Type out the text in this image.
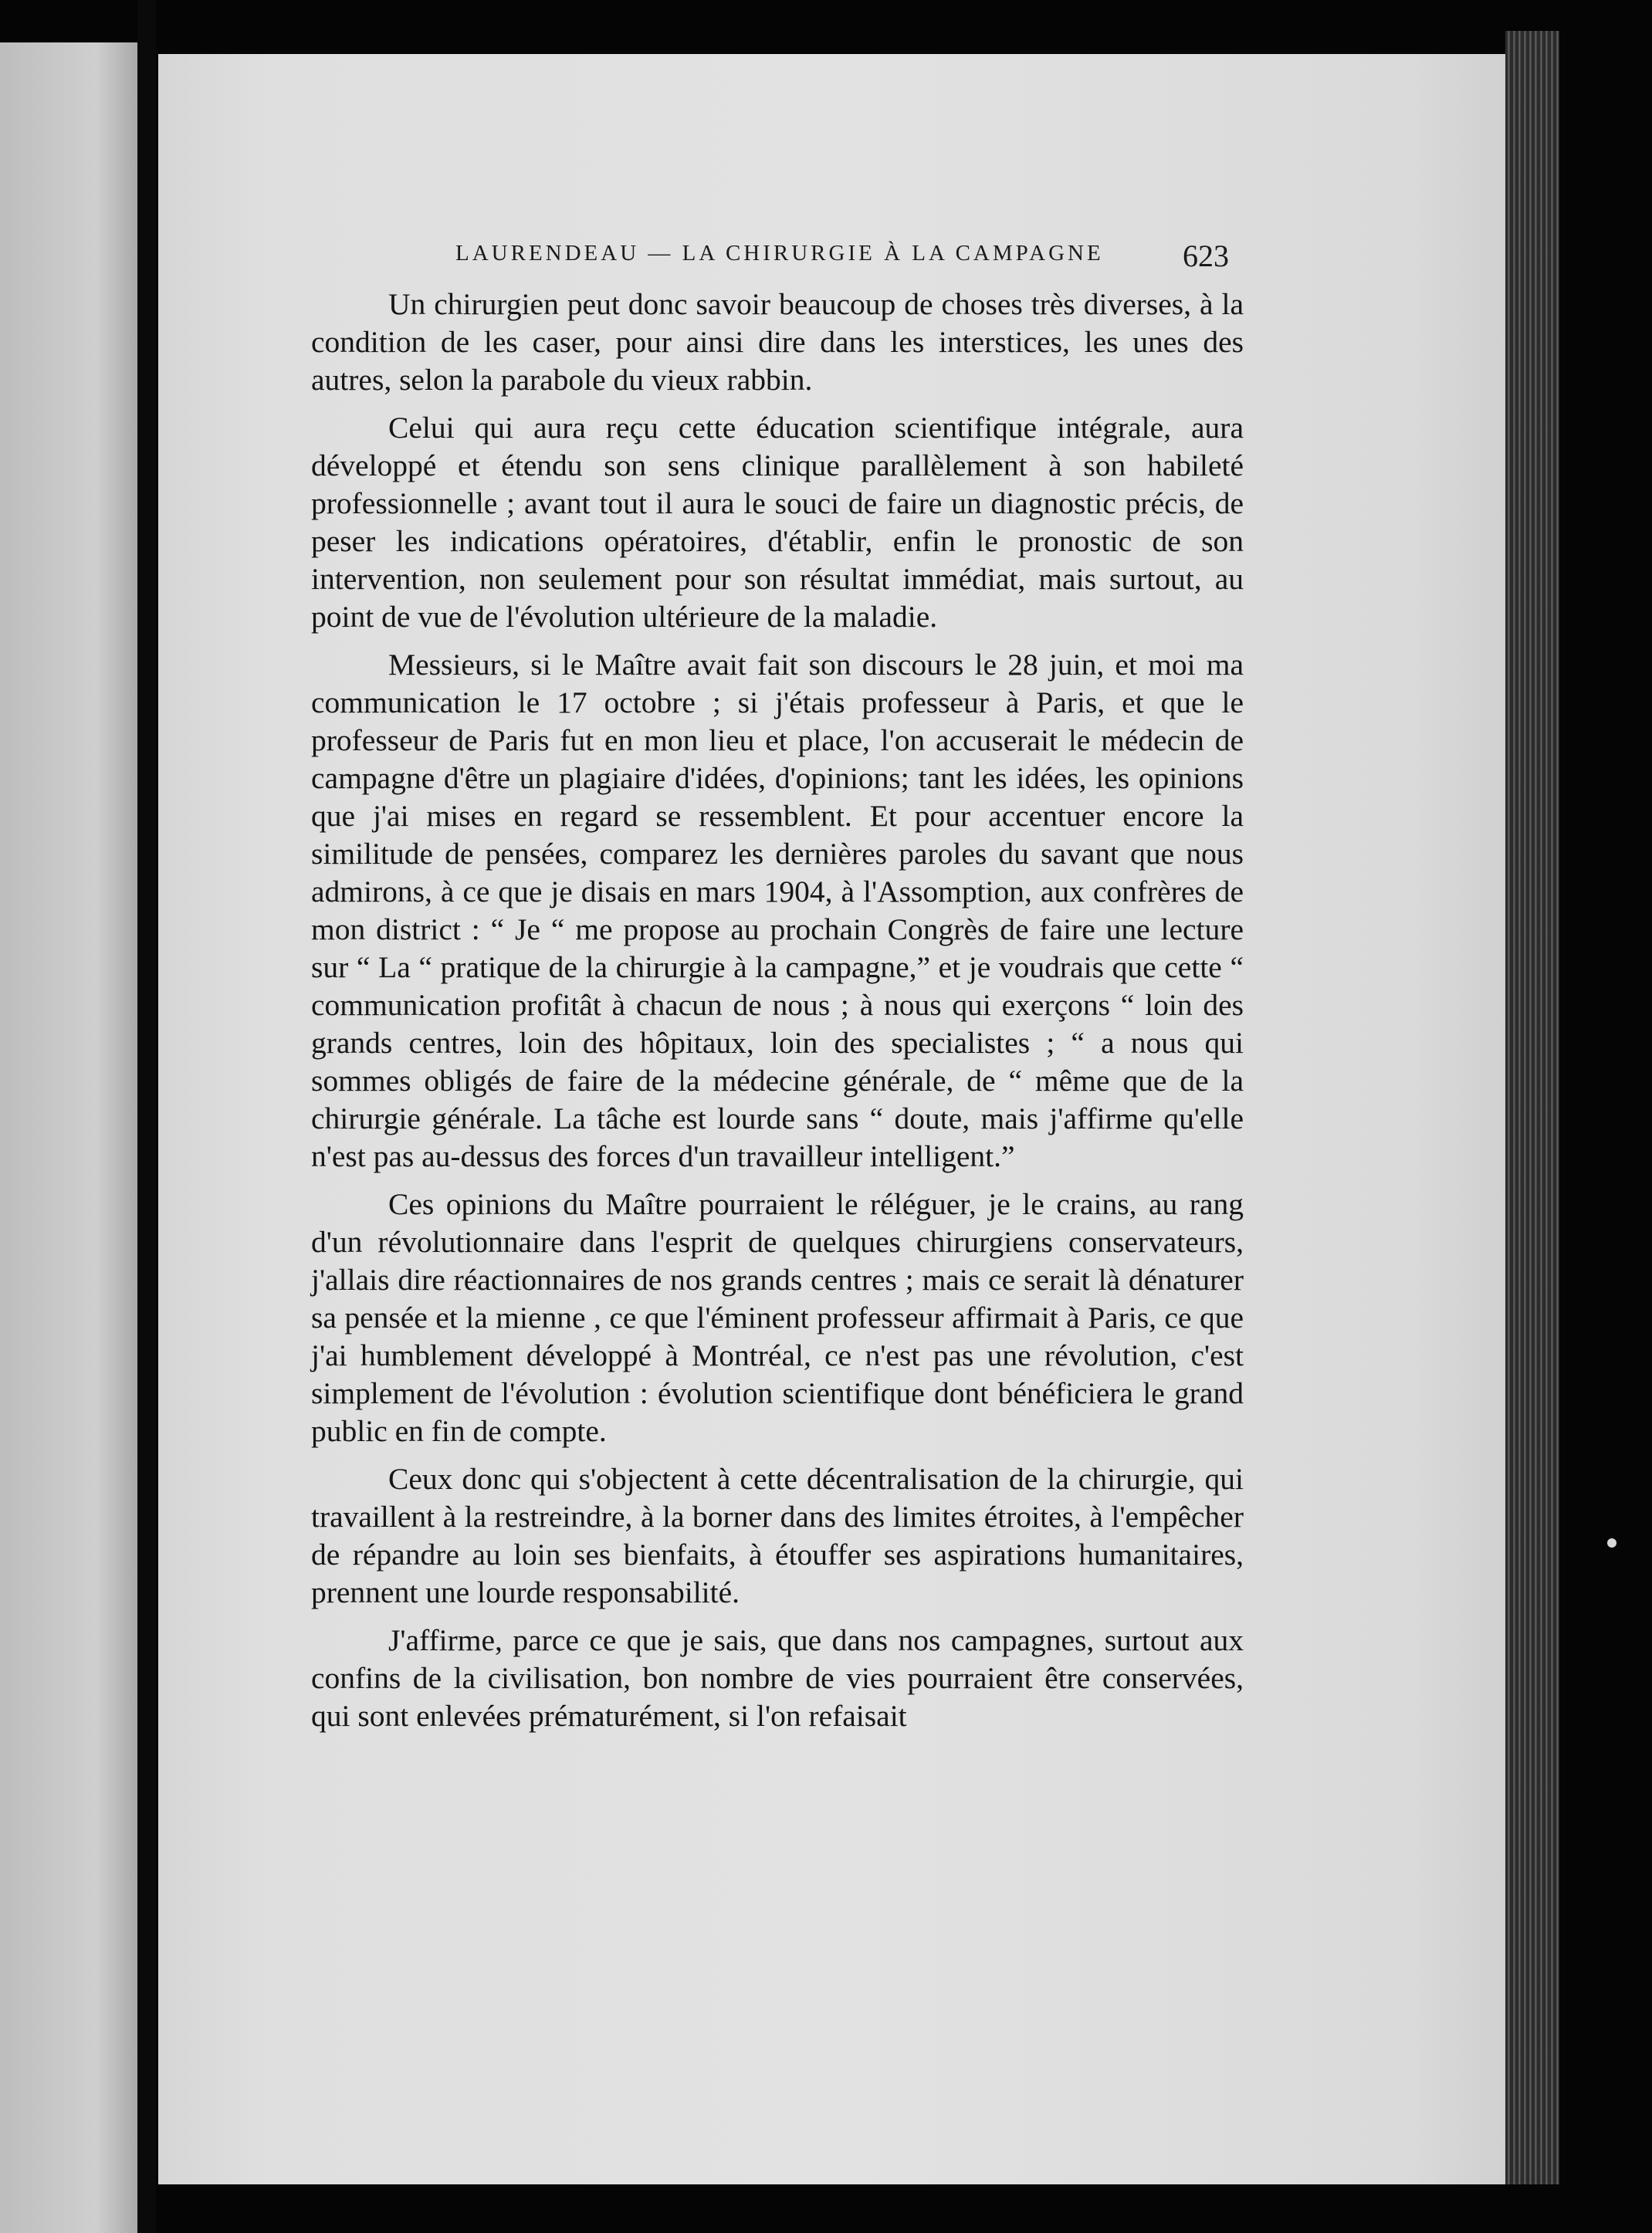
LAURENDEAU — LA CHIRURGIE À LA CAMPAGNE	623

Un chirurgien peut donc savoir beaucoup de choses très diverses, à la condition de les caser, pour ainsi dire dans les interstices, les unes des autres, selon la parabole du vieux rabbin.

Celui qui aura reçu cette éducation scientifique intégrale, aura développé et étendu son sens clinique parallèlement à son habileté professionnelle ; avant tout il aura le souci de faire un diagnostic précis, de peser les indications opératoires, d'établir, enfin le pronostic de son intervention, non seulement pour son résultat immédiat, mais surtout, au point de vue de l'évolution ultérieure de la maladie.

Messieurs, si le Maître avait fait son discours le 28 juin, et moi ma communication le 17 octobre ; si j'étais professeur à Paris, et que le professeur de Paris fut en mon lieu et place, l'on accuserait le médecin de campagne d'être un plagiaire d'idées, d'opinions; tant les idées, les opinions que j'ai mises en regard se ressemblent. Et pour accentuer encore la similitude de pensées, comparez les dernières paroles du savant que nous admirons, à ce que je disais en mars 1904, à l'Assomption, aux confrères de mon district : “ Je “ me propose au prochain Congrès de faire une lecture sur “ La “ pratique de la chirurgie à la campagne,” et je voudrais que cette “ communication profitât à chacun de nous ; à nous qui exerçons “ loin des grands centres, loin des hôpitaux, loin des specialistes ; “ a nous qui sommes obligés de faire de la médecine générale, de “ même que de la chirurgie générale. La tâche est lourde sans “ doute, mais j'affirme qu'elle n'est pas au-dessus des forces d'un travailleur intelligent.”

Ces opinions du Maître pourraient le réléguer, je le crains, au rang d'un révolutionnaire dans l'esprit de quelques chirurgiens conservateurs, j'allais dire réactionnaires de nos grands centres ; mais ce serait là dénaturer sa pensée et la mienne , ce que l'éminent professeur affirmait à Paris, ce que j'ai humblement développé à Montréal, ce n'est pas une révolution, c'est simplement de l'évolution : évolution scientifique dont bénéficiera le grand public en fin de compte.

Ceux donc qui s'objectent à cette décentralisation de la chirurgie, qui travaillent à la restreindre, à la borner dans des limites étroites, à l'empêcher de répandre au loin ses bienfaits, à étouffer ses aspirations humanitaires, prennent une lourde responsabilité.

J'affirme, parce ce que je sais, que dans nos campagnes, surtout aux confins de la civilisation, bon nombre de vies pourraient être conservées, qui sont enlevées prématurément, si l'on refaisait
